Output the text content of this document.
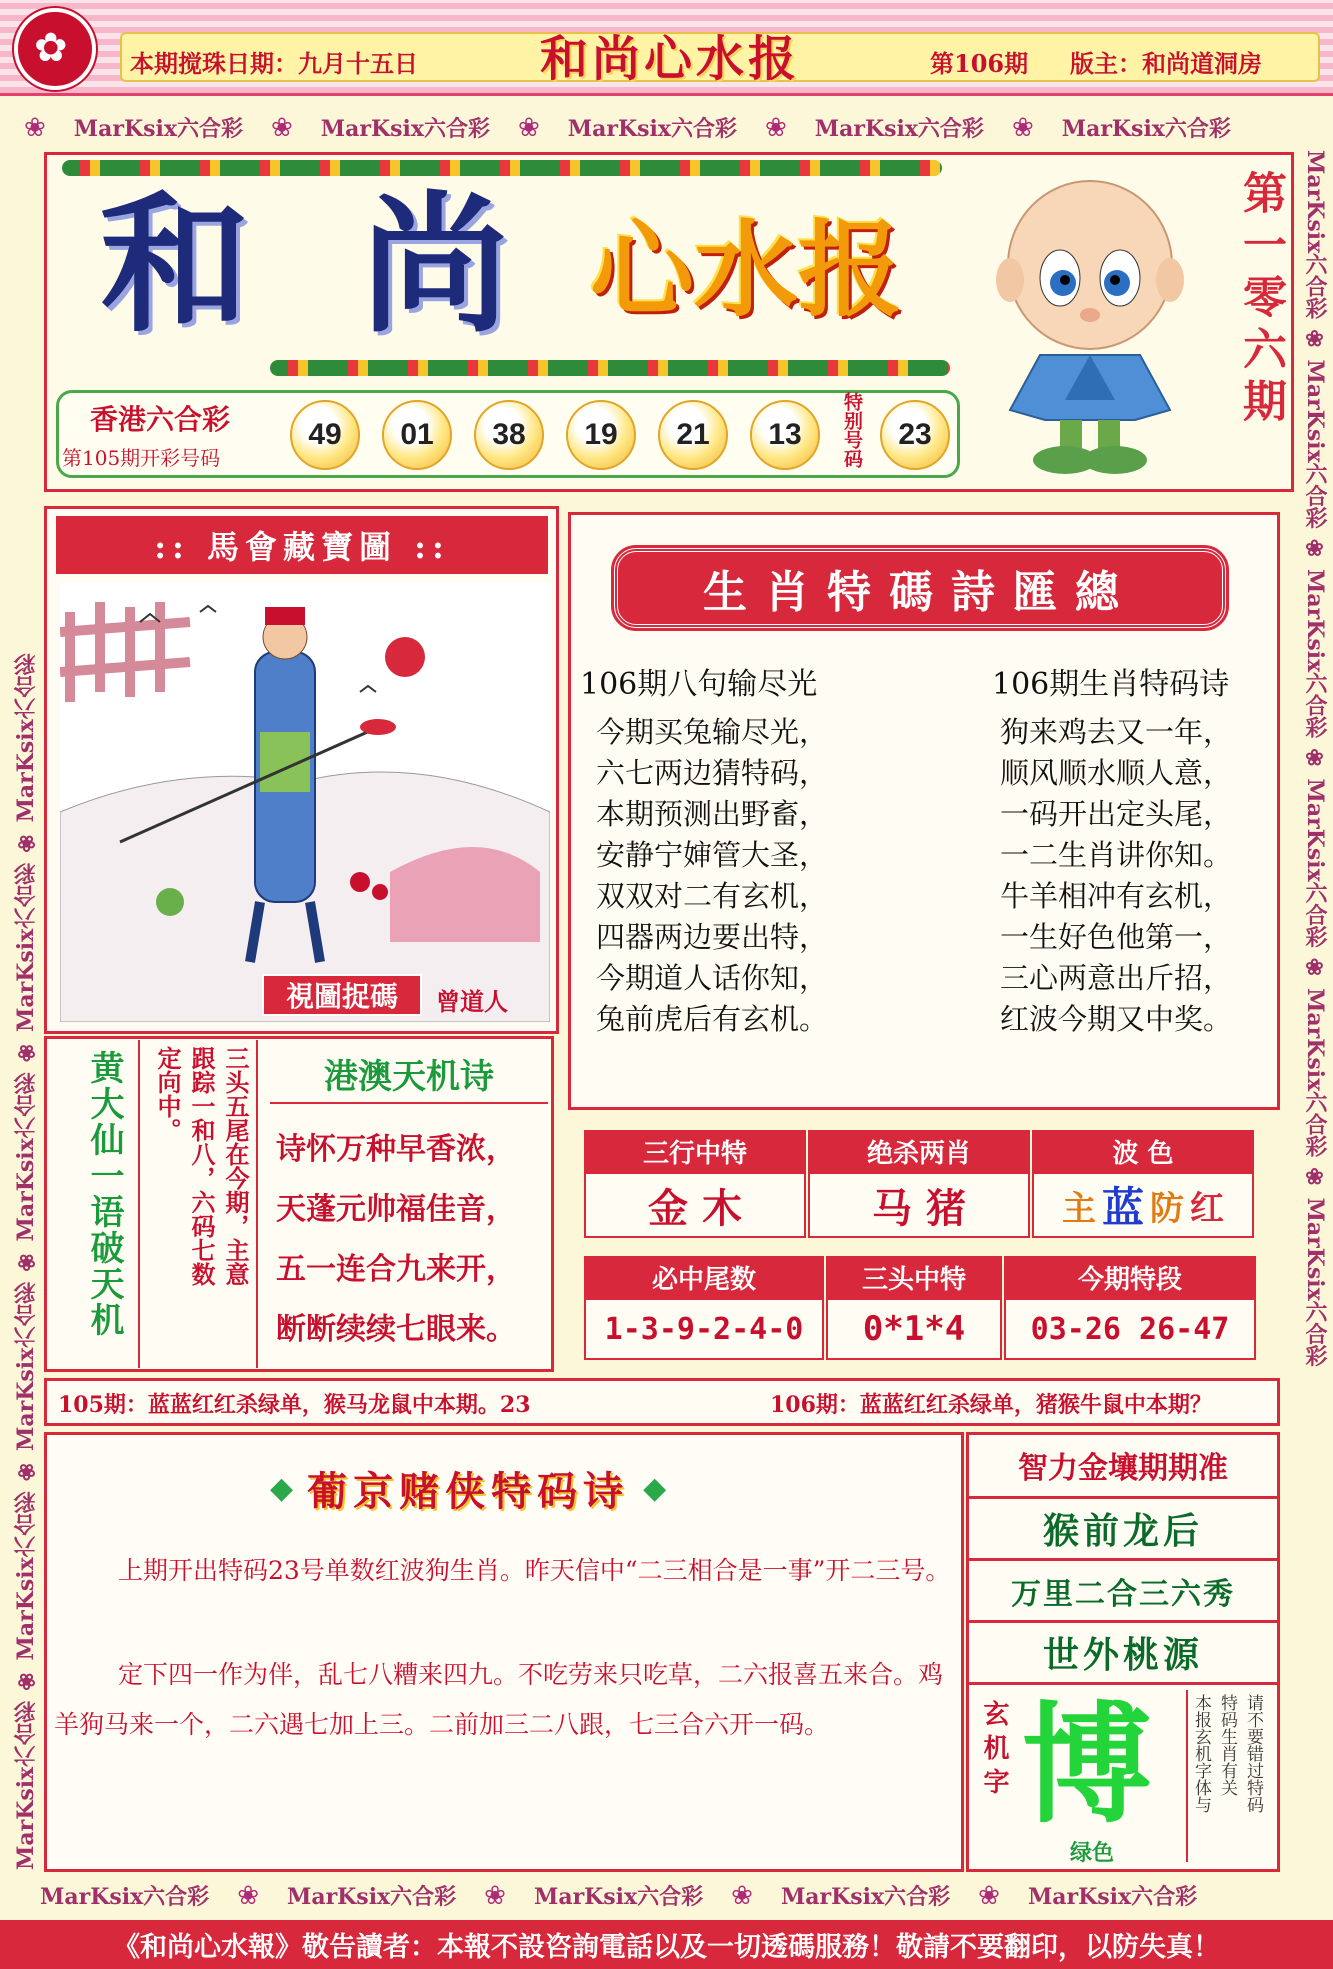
✿	本期搅珠日期：九月十五日	和尚心水报	第106期 版主：和尚道洞房
❀ MarKsix六合彩 ❀ MarKsix六合彩 ❀ MarKsix六合彩 ❀ MarKsix六合彩 ❀ MarKsix六合彩
MarKsix六合彩 ❀ MarKsix六合彩 ❀ MarKsix六合彩 ❀ MarKsix六合彩 ❀ MarKsix六合彩 ❀ MarKsix六合彩
MarKsix六合彩 ❀ MarKsix六合彩 ❀ MarKsix六合彩 ❀ MarKsix六合彩 ❀ MarKsix六合彩 ❀ MarKsix六合彩
和 尚 心水报	第一零六期
香港六合彩
第105期开彩号码
49	01	38	19	21	13	特别号码	23
:: 馬會藏寶圖 ::
視圖捉碼	曾道人
生肖特碼詩匯總
106期八句输尽光
今期买兔输尽光，
六七两边猜特码，
本期预测出野畜，
安静宁婶管大圣，
双双对二有玄机，
四器两边要出特，
今期道人话你知，
兔前虎后有玄机。
106期生肖特码诗
狗来鸡去又一年，
顺风顺水顺人意，
一码开出定头尾，
一二生肖讲你知。
牛羊相冲有玄机，
一生好色他第一，
三心两意出斤招，
红波今期又中奖。
黄大仙一语破天机	三头五尾在今期，主意
跟踪一和八，六码七数
定向中。	港澳天机诗
诗怀万种早香浓，
天蓬元帅福佳音，
五一连合九来开，
断断续续七眼来。
三行中特	绝杀两肖	波 色
金 木	马 猪	主 蓝 防 红
必中尾数	三头中特	今期特段
1-3-9-2-4-0	0*1*4	03-26 26-47
105期：蓝蓝红红杀绿单，猴马龙鼠中本期。23	106期：蓝蓝红红杀绿单，猪猴牛鼠中本期？
◆ 葡京赌侠特码诗 ◆
上期开出特码23号单数红波狗生肖。昨天信中“二三相合是一事”开二三号。
定下四一作为伴，乱七八糟来四九。不吃劳来只吃草，二六报喜五来合。鸡羊狗马来一个，二六遇七加上三。二前加三二八跟，七三合六开一码。
智力金壤期期准
猴前龙后
万里二合三六秀
世外桃源
玄机字 博
绿色
请不要错过特码
特码生肖有关
本报玄机字体与
MarKsix六合彩 ❀ MarKsix六合彩 ❀ MarKsix六合彩 ❀ MarKsix六合彩 ❀ MarKsix六合彩
《和尚心水報》敬告讀者：本報不設咨詢電話以及一切透碼服務！敬請不要翻印，以防失真！
